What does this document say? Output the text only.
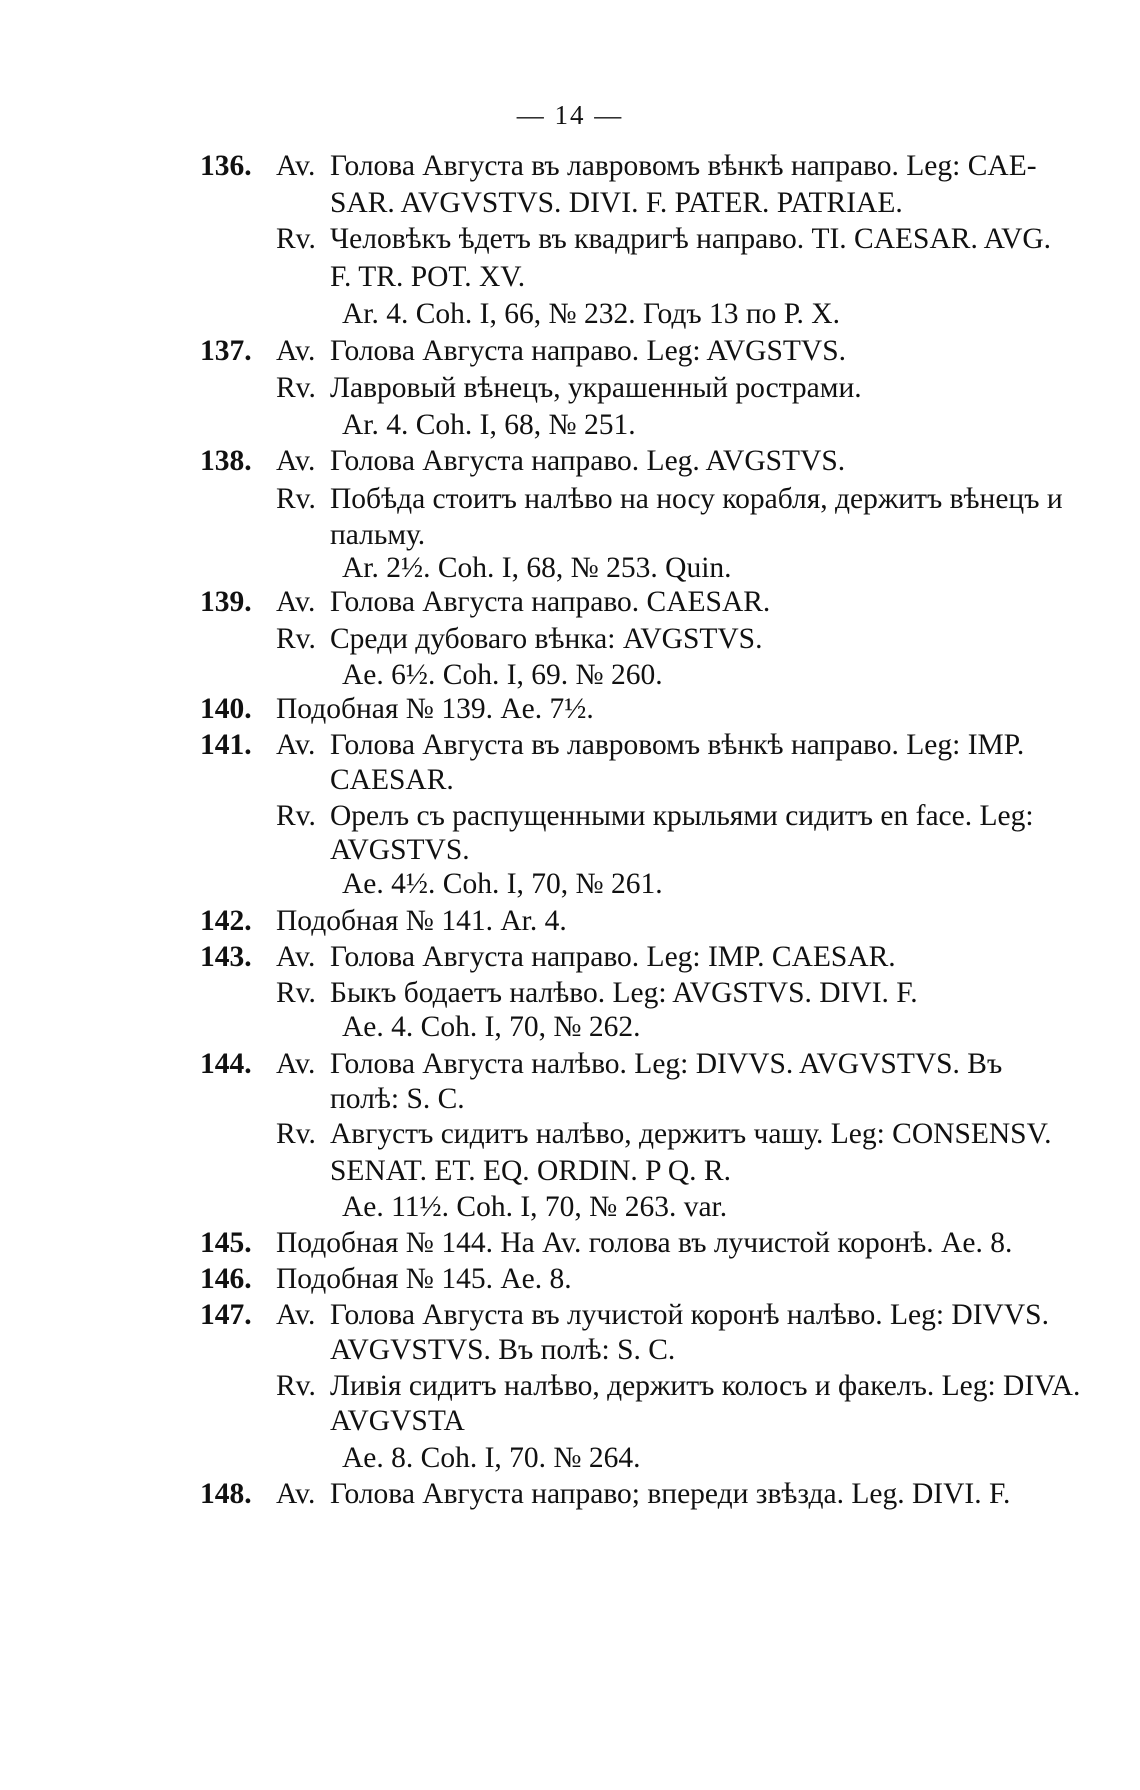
— 14 —
136. Av. Голова Августа въ лавровомъ вѣнкѣ направо. Leg: CAE-
SAR. AVGVSTVS. DIVI. F. PATER. PATRIAE.
Rv. Человѣкъ ѣдетъ въ квадригѣ направо. TI. CAESAR. AVG.
F. TR. POT. XV.
Ar. 4. Coh. I, 66, № 232. Годъ 13 по Р. Х.
137. Av. Голова Августа направо. Leg: AVGSTVS.
Rv. Лавровый вѣнецъ, украшенный рострами.
Ar. 4. Coh. I, 68, № 251.
138. Av. Голова Августа направо. Leg. AVGSTVS.
Rv. Побѣда стоитъ налѣво на носу корабля, держитъ вѣнецъ и
пальму.
Ar. 2½. Coh. I, 68, № 253. Quin.
139. Av. Голова Августа направо. CAESAR.
Rv. Среди дубоваго вѣнка: AVGSTVS.
Ae. 6½. Coh. I, 69. № 260.
140. Подобная № 139. Ae. 7½.
141. Av. Голова Августа въ лавровомъ вѣнкѣ направо. Leg: IMP.
CAESAR.
Rv. Орелъ съ распущенными крыльями сидитъ en face. Leg:
AVGSTVS.
Ae. 4½. Coh. I, 70, № 261.
142. Подобная № 141. Ar. 4.
143. Av. Голова Августа направо. Leg: IMP. CAESAR.
Rv. Быкъ бодаетъ налѣво. Leg: AVGSTVS. DIVI. F.
Ae. 4. Coh. I, 70, № 262.
144. Av. Голова Августа налѣво. Leg: DIVVS. AVGVSTVS. Въ
полѣ: S. C.
Rv. Августъ сидитъ налѣво, держитъ чашу. Leg: CONSENSV.
SENAT. ET. EQ. ORDIN. P Q. R.
Ae. 11½. Coh. I, 70, № 263. var.
145. Подобная № 144. На Av. голова въ лучистой коронѣ. Ae. 8.
146. Подобная № 145. Ae. 8.
147. Av. Голова Августа въ лучистой коронѣ налѣво. Leg: DIVVS.
AVGVSTVS. Въ полѣ: S. C.
Rv. Ливія сидитъ налѣво, держитъ колосъ и факелъ. Leg: DIVA.
AVGVSTA
Ae. 8. Coh. I, 70. № 264.
148. Av. Голова Августа направо; впереди звѣзда. Leg. DIVI. F.
